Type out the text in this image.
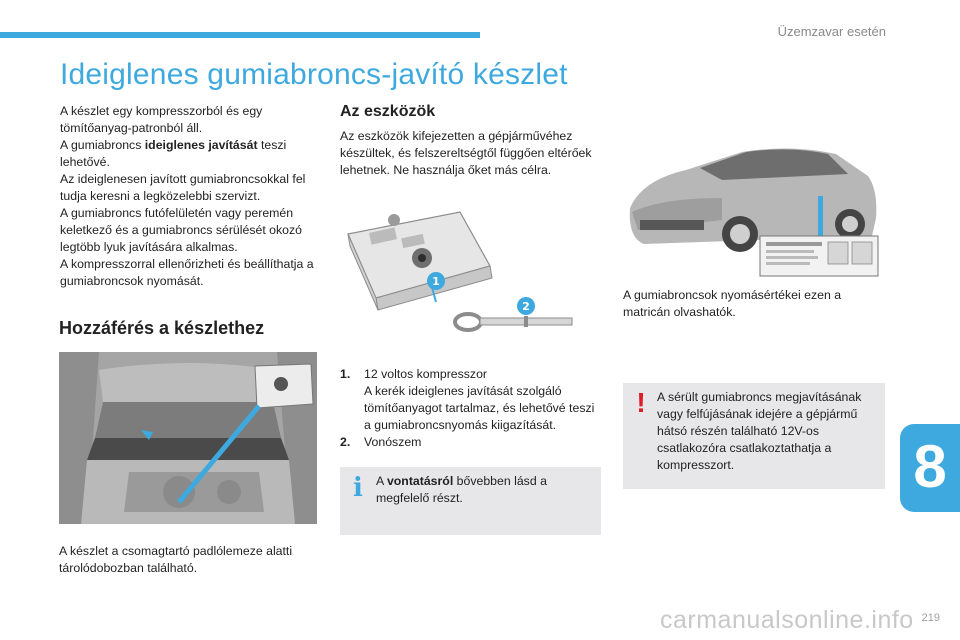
Üzemzavar esetén
Ideiglenes gumiabroncs-javító készlet
A készlet egy kompresszorból és egy
tömítőanyag-patronból áll.
A gumiabroncs ideiglenes javítását teszi
lehetővé.
Az ideiglenesen javított gumiabroncsokkal fel
tudja keresni a legközelebbi szervizt.
A gumiabroncs futófelületén vagy peremén
keletkező és a gumiabroncs sérülését okozó
legtöbb lyuk javítására alkalmas.
A kompresszorral ellenőrizheti és beállíthatja a
gumiabroncsok nyomását.
Hozzáférés a készlethez
A készlet a csomagtartó padlólemeze alatti
tárolódobozban található.
Az eszközök
Az eszközök kifejezetten a gépjárművéhez
készültek, és felszereltségtől függően eltérőek
lehetnek. Ne használja őket más célra.
1
2
1. 12 voltos kompresszor
A kerék ideiglenes javítását szolgáló
tömítőanyagot tartalmaz, és lehetővé teszi
a gumiabroncsnyomás kiigazítását.
2. Vonószem
i A vontatásról bővebben lásd a
megfelelő részt.
A gumiabroncsok nyomásértékei ezen a
matricán olvashatók.
! A sérült gumiabroncs megjavításának
vagy felfújásának idejére a gépjármű
hátsó részén található 12V-os
csatlakozóra csatlakoztathatja a
kompresszort.	8
219
carmanualsonline.info
